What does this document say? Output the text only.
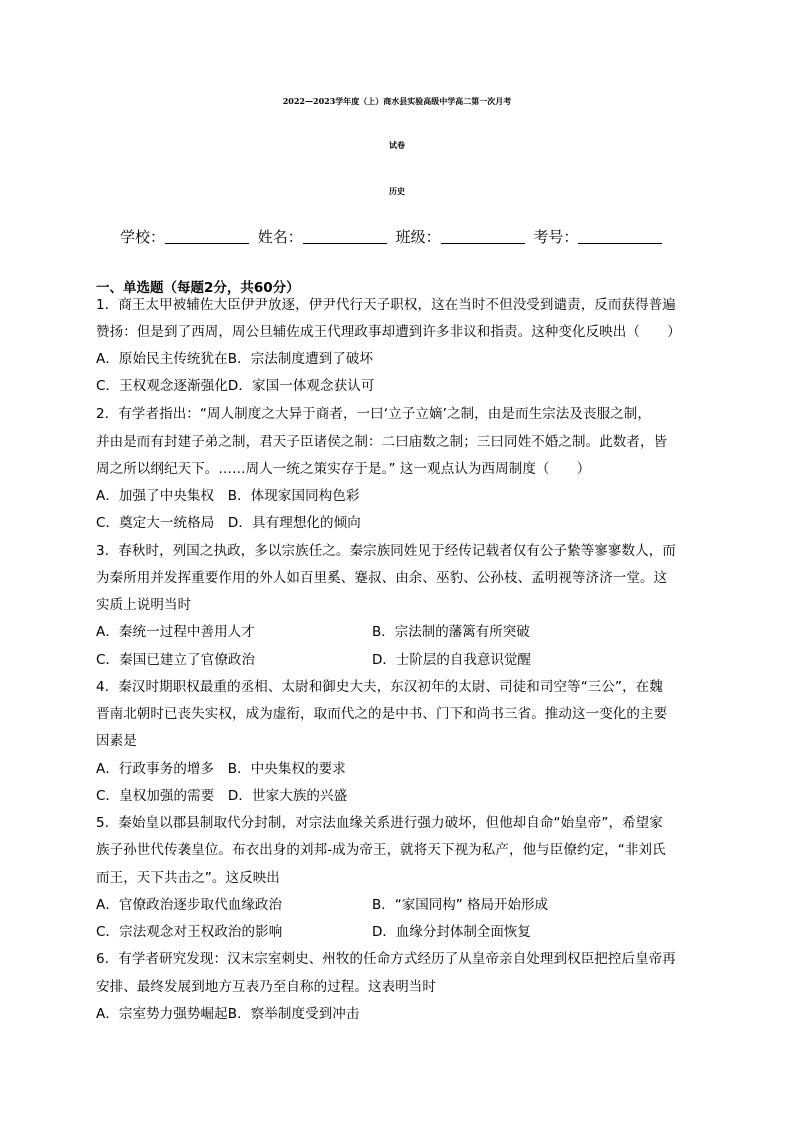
2022—2023学年度（上）商水县实验高级中学高二第一次月考
试卷
历史
学校：	姓名：	班级：	考号：
一、单选题（每题2分，共60分）
1．商王太甲被辅佐大臣伊尹放逐，伊尹代行天子职权，这在当时不但没受到谴责，反而获得普遍
赞扬：但是到了西周，周公旦辅佐成王代理政事却遭到许多非议和指责。这种变化反映出（　　）
A．原始民主传统犹在B．宗法制度遭到了破坏
C．王权观念逐渐强化D．家国一体观念获认可
2．有学者指出：“周人制度之大异于商者，一曰‘立子立嫡’之制，由是而生宗法及丧服之制，
并由是而有封建子弟之制，君天子臣诸侯之制：二曰庙数之制；三曰同姓不婚之制。此数者，皆
周之所以纲纪天下。……周人一统之策实存于是。” 这一观点认为西周制度（　　）
A．加强了中央集权　B．体现家国同构色彩
C．奠定大一统格局　D．具有理想化的倾向
3．春秋时，列国之执政，多以宗族任之。秦宗族同姓见于经传记载者仅有公子絷等寥寥数人，而
为秦所用并发挥重要作用的外人如百里奚、蹇叔、由余、巫豹、公孙枝、孟明视等济济一堂。这
实质上说明当时
A．秦统一过程中善用人才	B．宗法制的藩篱有所突破
C．秦国已建立了官僚政治	D．士阶层的自我意识觉醒
4．秦汉时期职权最重的丞相、太尉和御史大夫，东汉初年的太尉、司徒和司空等“三公”，在魏
晋南北朝时已丧失实权，成为虚衔，取而代之的是中书、门下和尚书三省。推动这一变化的主要
因素是
A．行政事务的增多　B．中央集权的要求
C．皇权加强的需要　D．世家大族的兴盛
5．秦始皇以郡县制取代分封制，对宗法血缘关系进行强力破坏，但他却自命“始皇帝”，希望家
族子孙世代传袭皇位。布衣出身的刘邦-成为帝王，就将天下视为私产，他与臣僚约定，“非刘氏
而王，天下共击之”。这反映出
A．官僚政治逐步取代血缘政治	B．“家国同构” 格局开始形成
C．宗法观念对王权政治的影响	D．血缘分封体制全面恢复
6．有学者研究发现：汉末宗室刺史、州牧的任命方式经历了从皇帝亲自处理到权臣把控后皇帝再
安排、最终发展到地方互表乃至自称的过程。这表明当时
A．宗室势力强势崛起B．察举制度受到冲击
